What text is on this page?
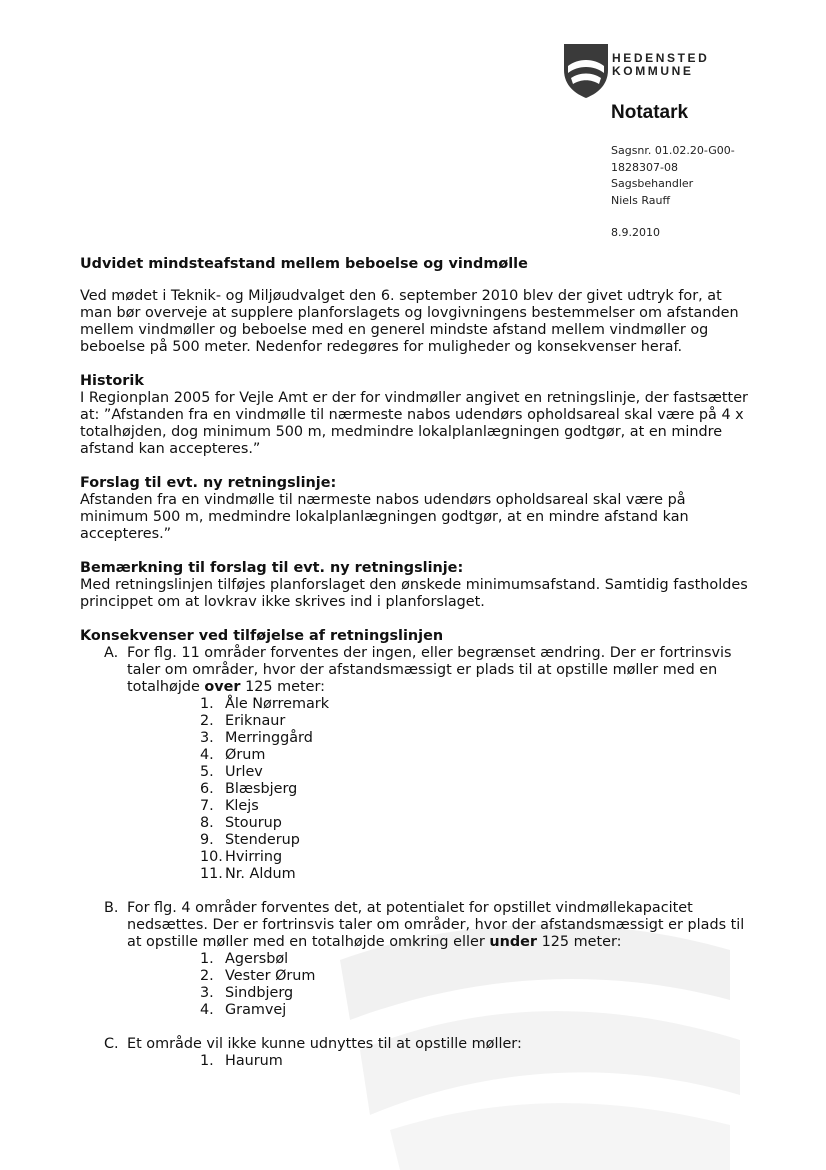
HEDENSTED
KOMMUNE
Notatark
Sagsnr. 01.02.20-G00-
1828307-08
Sagsbehandler
Niels Rauff
8.9.2010
Udvidet mindsteafstand mellem beboelse og vindmølle

Ved mødet i Teknik- og Miljøudvalget den 6. september 2010 blev der givet udtryk for, at man bør overveje at supplere planforslagets og lovgivningens bestemmelser om afstanden mellem vindmøller og beboelse med en generel mindste afstand mellem vindmøller og beboelse på 500 meter. Nedenfor redegøres for muligheder og konsekvenser heraf.

Historik

I Regionplan 2005 for Vejle Amt er der for vindmøller angivet en retningslinje, der fastsætter at: ”Afstanden fra en vindmølle til nærmeste nabos udendørs opholdsareal skal være på 4 x totalhøjden, dog minimum 500 m, medmindre lokalplanlægningen godtgør, at en mindre afstand kan accepteres.”

Forslag til evt. ny retningslinje:

Afstanden fra en vindmølle til nærmeste nabos udendørs opholdsareal skal være på minimum 500 m, medmindre lokalplanlægningen godtgør, at en mindre afstand kan accepteres.”

Bemærkning til forslag til evt. ny retningslinje:

Med retningslinjen tilføjes planforslaget den ønskede minimumsafstand. Samtidig fastholdes princippet om at lovkrav ikke skrives ind i planforslaget.

Konsekvenser ved tilføjelse af retningslinjen
A. For flg. 11 områder forventes der ingen, eller begrænset ændring. Der er fortrinsvis taler om områder, hvor der afstandsmæssigt er plads til at opstille møller med en totalhøjde over 125 meter:
1. Åle Nørremark
2. Eriknaur
3. Merringgård
4. Ørum
5. Urlev
6. Blæsbjerg
7. Klejs
8. Stourup
9. Stenderup
10. Hvirring
11. Nr. Aldum
B. For flg. 4 områder forventes det, at potentialet for opstillet vindmøllekapacitet nedsættes. Der er fortrinsvis taler om områder, hvor der afstandsmæssigt er plads til at opstille møller med en totalhøjde omkring eller under 125 meter:
1. Agersbøl
2. Vester Ørum
3. Sindbjerg
4. Gramvej
C. Et område vil ikke kunne udnyttes til at opstille møller:
1. Haurum
